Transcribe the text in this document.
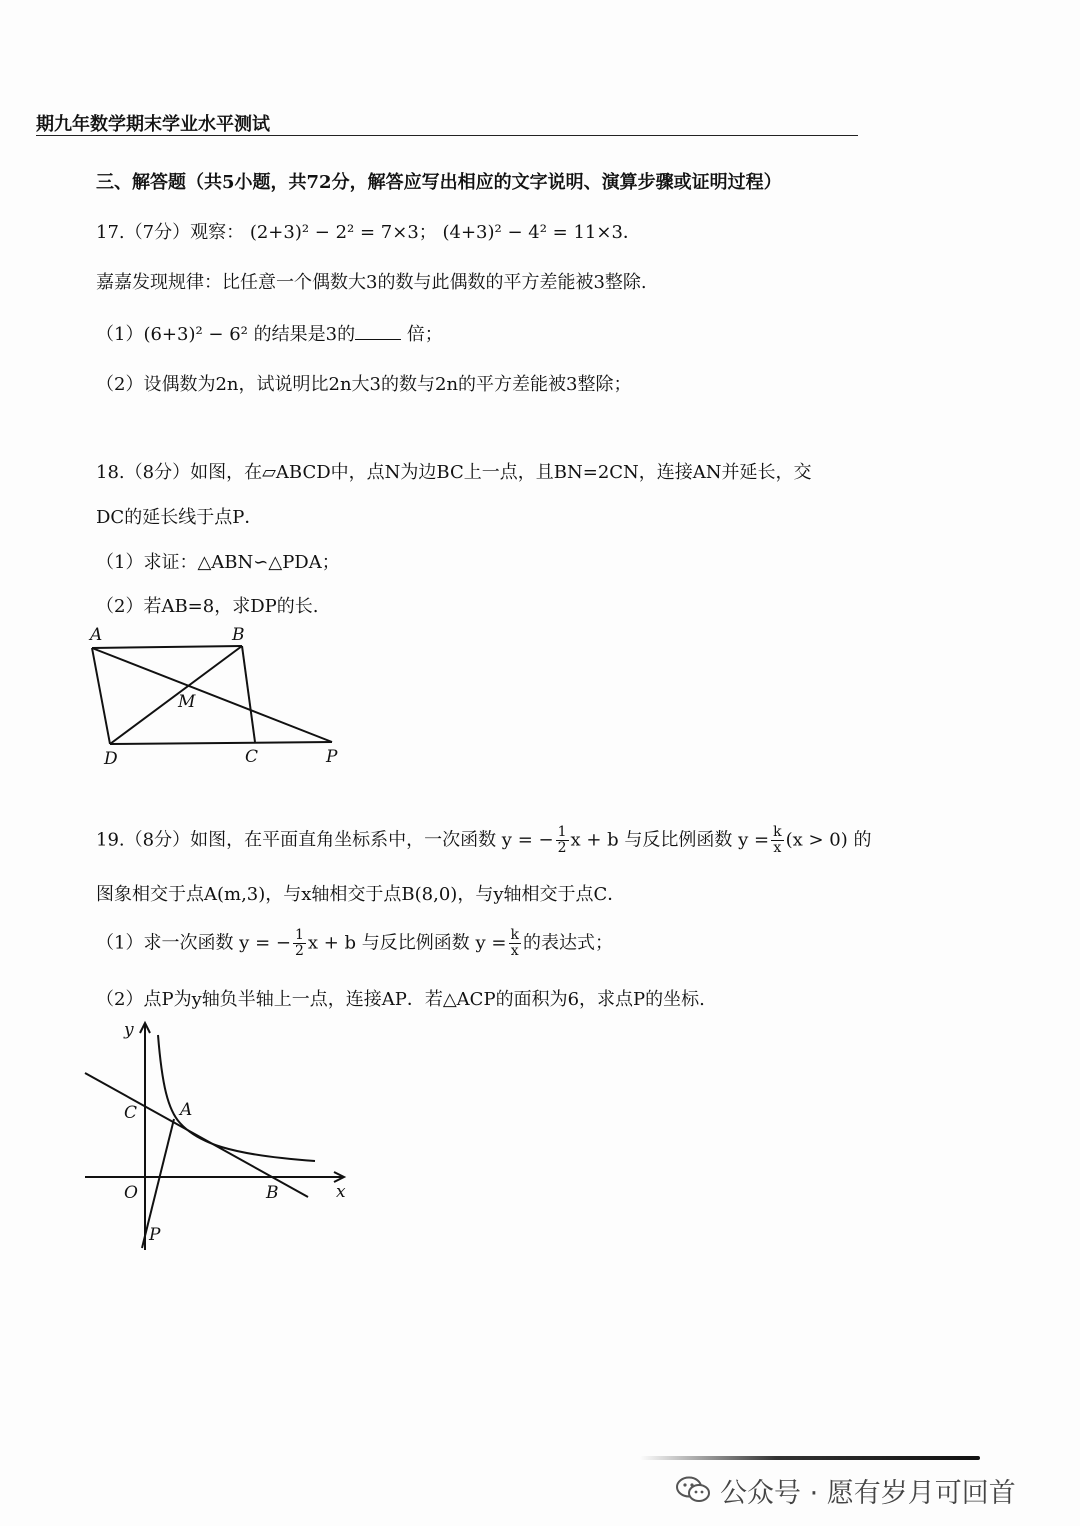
期九年数学期末学业水平测试
三、解答题（共5小题，共72分，解答应写出相应的文字说明、演算步骤或证明过程）
17.（7分）观察： (2+3)² − 2² = 7×3； (4+3)² − 4² = 11×3．
嘉嘉发现规律：比任意一个偶数大3的数与此偶数的平方差能被3整除.
（1）(6+3)² − 6² 的结果是3的	倍；
（2）设偶数为2n，试说明比2n大3的数与2n的平方差能被3整除；
18.（8分）如图，在▱ABCD中，点N为边BC上一点，且BN=2CN，连接AN并延长，交
DC的延长线于点P．
（1）求证：△ABN∽△PDA；
（2）若AB=8，求DP的长.
A	B
M
D	C	P
19.（8分）如图，在平面直角坐标系中，一次函数 y = − $\frac{1}{2}$ x + b 与反比例函数 $y = \frac{k}{x} (x > 0)$ 的
图象相交于点A(m,3)，与x轴相交于点B(8,0)，与y轴相交于点C．
（1）求一次函数 y = − $\frac{1}{2}$ x + b 与反比例函数 $y = \frac{k}{x}$ 的表达式；
（2）点P为y轴负半轴上一点，连接AP．若△ACP的面积为6，求点P的坐标.
y
x
C	A
O	B
P
公众号 · 愿有岁月可回首
